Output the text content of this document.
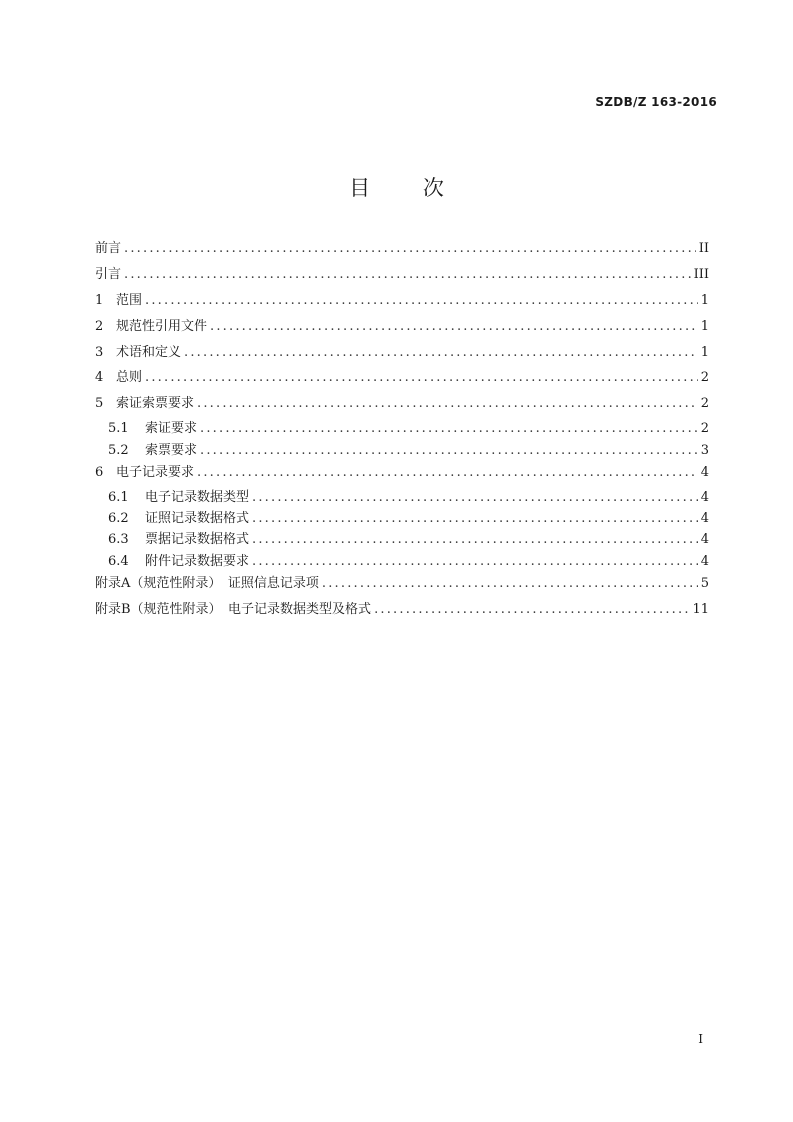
SZDB/Z 163-2016
目 次
前言 .....	II
引言 .....	III
1 范围 .....	1
2 规范性引用文件 .....	1
3 术语和定义 .....	1
4 总则 .....	2
5 索证索票要求 .....	2
5.1	索证要求 .....	2
5.2	索票要求 .....	3
6 电子记录要求 .....	4
6.1	电子记录数据类型 .....	4
6.2	证照记录数据格式 .....	4
6.3	票据记录数据格式 .....	4
6.4	附件记录数据要求 .....	4
附录A（规范性附录）　证照信息记录项 .....	5
附录B（规范性附录）　电子记录数据类型及格式 .....	11
I
